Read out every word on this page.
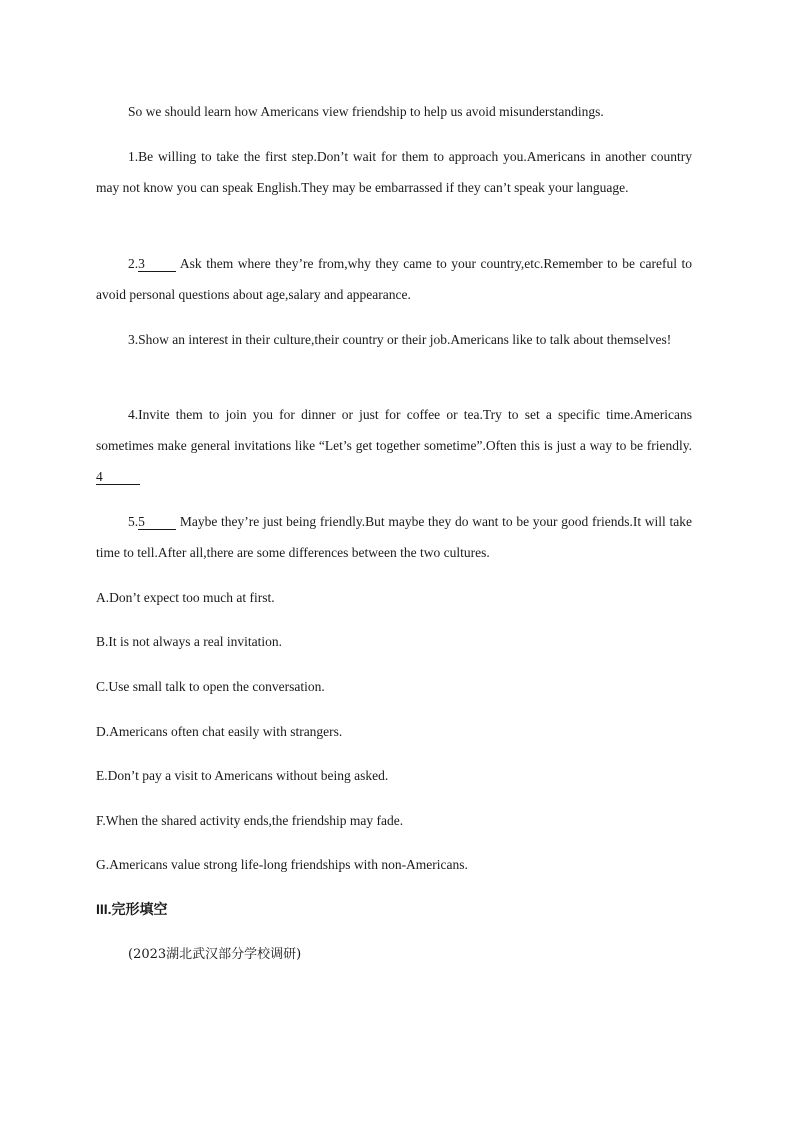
So we should learn how Americans view friendship to help us avoid misunderstandings.

1.Be willing to take the first step.Don’t wait for them to approach you.Americans in another country may not know you can speak English.They may be embarrassed if they can’t speak your language.

2.3 Ask them where they’re from,why they came to your country,etc.Remember to be careful to avoid personal questions about age,salary and appearance.

3.Show an interest in their culture,their country or their job.Americans like to talk about themselves!

4.Invite them to join you for dinner or just for coffee or tea.Try to set a specific time.Americans sometimes make general invitations like “Let’s get together sometime”.Often this is just a way to be friendly. 4

5.5 Maybe they’re just being friendly.But maybe they do want to be your good friends.It will take time to tell.After all,there are some differences between the two cultures.

A.Don’t expect too much at first.

B.It is not always a real invitation.

C.Use small talk to open the conversation.

D.Americans often chat easily with strangers.

E.Don’t pay a visit to Americans without being asked.

F.When the shared activity ends,the friendship may fade.

G.Americans value strong life-long friendships with non-Americans.

III.完形填空

(2023湖北武汉部分学校调研)
